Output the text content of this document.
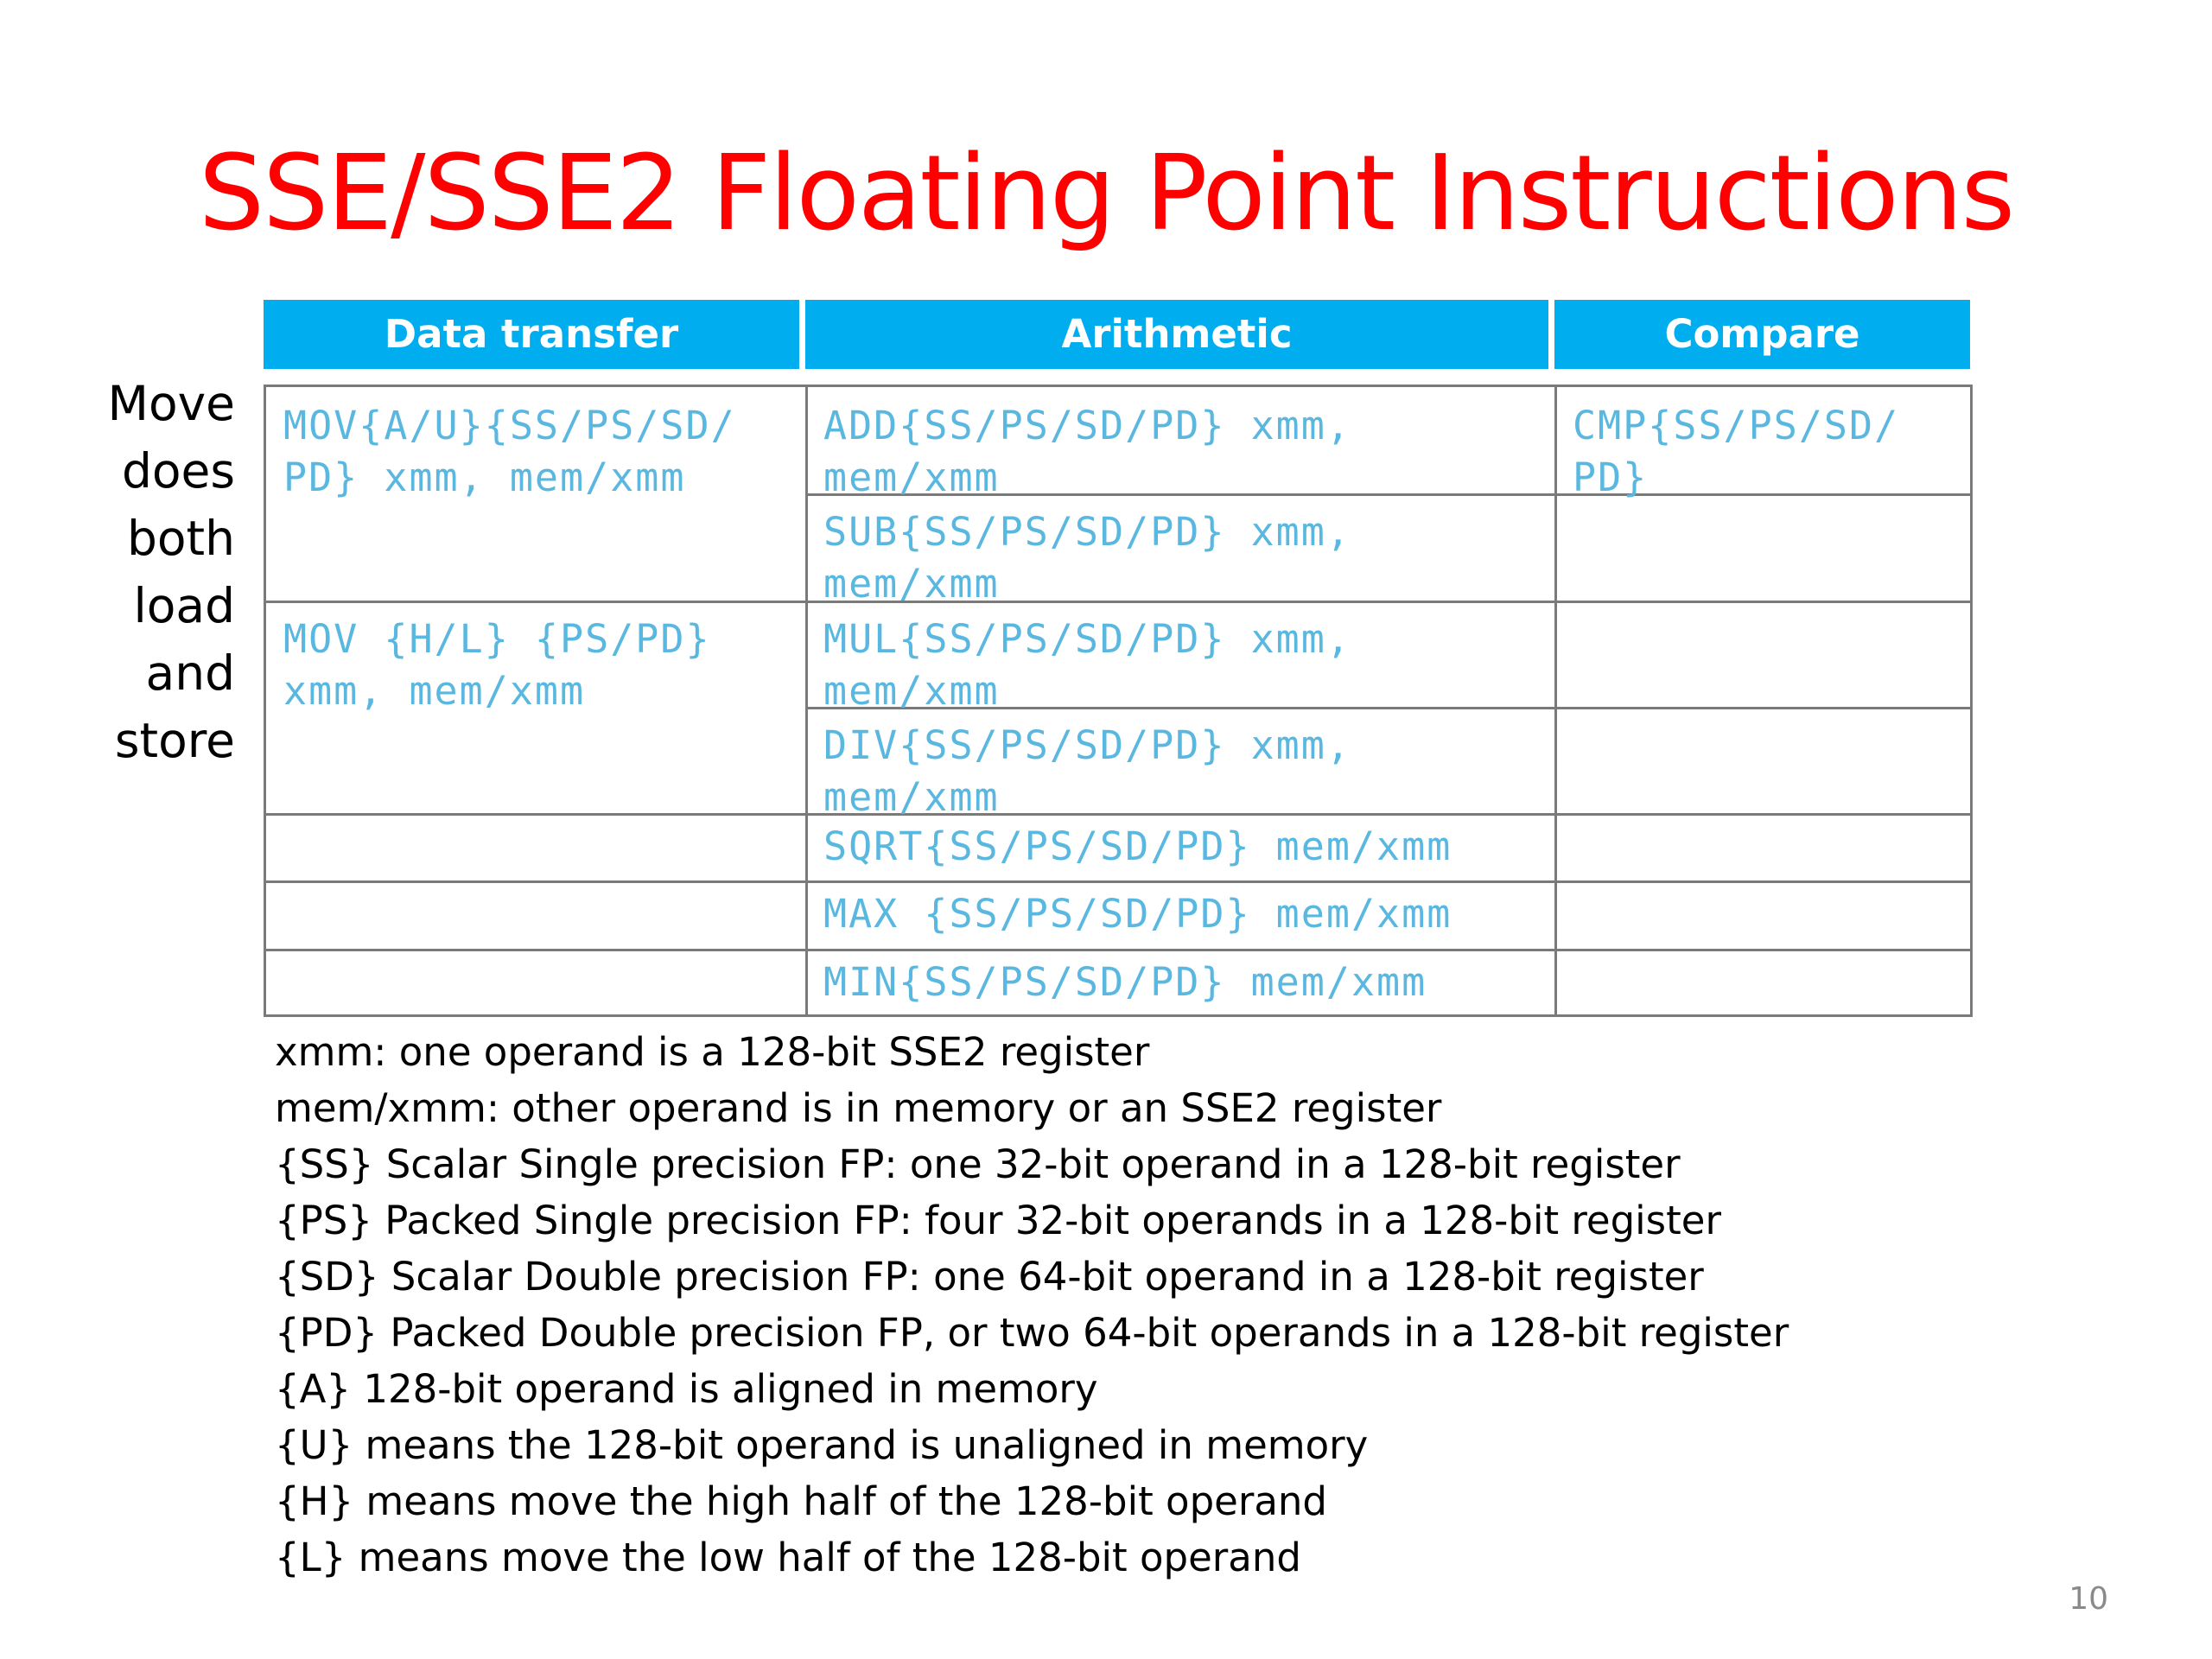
SSE/SSE2 Floating Point Instructions
Move
does
both
load
and
store
Data transfer	Arithmetic	Compare
MOV{A/U}{SS/PS/SD/
PD} xmm, mem/xmm
MOV {H/L} {PS/PD}
xmm, mem/xmm
ADD{SS/PS/SD/PD} xmm,
mem/xmm
SUB{SS/PS/SD/PD} xmm,
mem/xmm
MUL{SS/PS/SD/PD} xmm,
mem/xmm
DIV{SS/PS/SD/PD} xmm,
mem/xmm
SQRT{SS/PS/SD/PD} mem/xmm
MAX {SS/PS/SD/PD} mem/xmm
MIN{SS/PS/SD/PD} mem/xmm
CMP{SS/PS/SD/
PD}
xmm: one operand is a 128-bit SSE2 register
mem/xmm: other operand is in memory or an SSE2 register
{SS} Scalar Single precision FP: one 32-bit operand in a 128-bit register
{PS} Packed Single precision FP: four 32-bit operands in a 128-bit register
{SD} Scalar Double precision FP: one 64-bit operand in a 128-bit register
{PD} Packed Double precision FP, or two 64-bit operands in a 128-bit register
{A} 128-bit operand is aligned in memory
{U} means the 128-bit operand is unaligned in memory
{H} means move the high half of the 128-bit operand
{L} means move the low half of the 128-bit operand
10
